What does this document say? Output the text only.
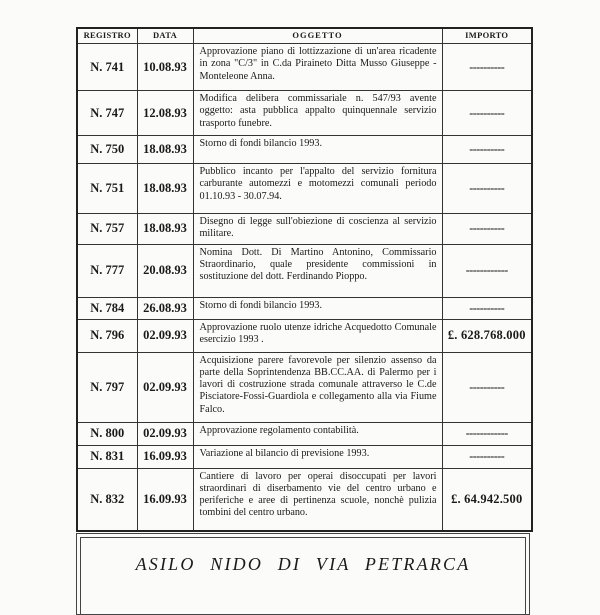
REGISTRO	DATA	OGGETTO	IMPORTO
N. 741	10.08.93	Approvazione piano di lottizzazione di un'area ricadente in zona "C/3" in C.da Piraineto Ditta Musso Giuseppe - Monteleone Anna.	----------
N. 747	12.08.93	Modifica delibera commissariale n. 547/93 avente oggetto: asta pubblica appalto quinquennale servizio trasporto funebre.	----------
N. 750	18.08.93	Storno di fondi bilancio 1993.	----------
N. 751	18.08.93	Pubblico incanto per l'appalto del servizio fornitura carburante automezzi e motomezzi comunali periodo 01.10.93 - 30.07.94.	----------
N. 757	18.08.93	Disegno di legge sull'obiezione di coscienza al servizio militare.	----------
N. 777	20.08.93	Nomina Dott. Di Martino Antonino, Commissario Straordinario, quale presidente commissioni in sostituzione del dott. Ferdinando Pioppo.	------------
N. 784	26.08.93	Storno di fondi bilancio 1993.	----------
N. 796	02.09.93	Approvazione ruolo utenze idriche Acquedotto Comunale esercizio 1993 .	£. 628.768.000
N. 797	02.09.93	Acquisizione parere favorevole per silenzio assenso da parte della Soprintendenza BB.CC.AA. di Palermo per i lavori di costruzione strada comunale attraverso le C.de Pisciatore-Fossi-Guardiola e collegamento alla via Fiume Falco.	----------
N. 800	02.09.93	Approvazione regolamento contabilità.	------------
N. 831	16.09.93	Variazione al bilancio di previsione 1993.	----------
N. 832	16.09.93	Cantiere di lavoro per operai disoccupati per lavori straordinari di diserbamento vie del centro urbano e periferiche e aree di pertinenza scuole, nonchè pulizia tombini del centro urbano.	£. 64.942.500
ASILO NIDO DI VIA PETRARCA
